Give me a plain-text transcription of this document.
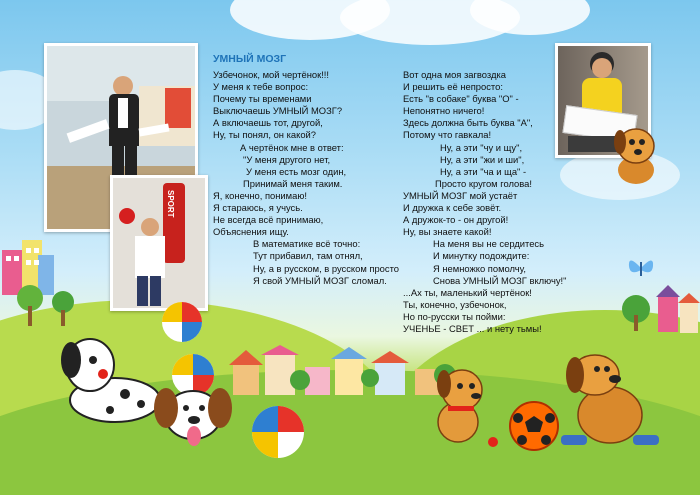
SPORT
УМНЫЙ МОЗГ
Узбечонок, мой чертёнок!!!
У меня к тебе вопрос:
Почему ты временами
Выключаешь УМНЫЙ МОЗГ?
А включаешь тот, другой,
Ну, ты понял, он какой?
А чертёнок мне в ответ:
"У меня другого нет,
У меня есть мозг один,
Принимай меня таким.
Я, конечно, понимаю!
Я стараюсь, я учусь.
Не всегда всё принимаю,
Объяснения ищу.
В математике всё точно:
Тут прибавил, там отнял,
Ну, а в русском, в русском просто
Я свой УМНЫЙ МОЗГ сломал.
Вот одна моя загвоздка
И решить её непросто:
Есть "в собаке" буква "О" -
Непонятно ничего!
Здесь должна быть буква "А",
Потому что гавкала!
Ну, а эти "чу и щу",
Ну, а эти "жи и ши",
Ну, а эти "ча и ща" -
Просто кругом голова!
УМНЫЙ МОЗГ мой устаёт
И дружка к себе зовёт.
А дружок-то - он другой!
Ну, вы знаете какой!
На меня вы не сердитесь
И минутку подождите:
Я немножко помолчу,
Снова УМНЫЙ МОЗГ включу!"
...Ах ты, маленький чертёнок!
Ты, конечно, узбечонок,
Но по-русски ты пойми:
УЧЕНЬЕ - СВЕТ ... и нету тьмы!
